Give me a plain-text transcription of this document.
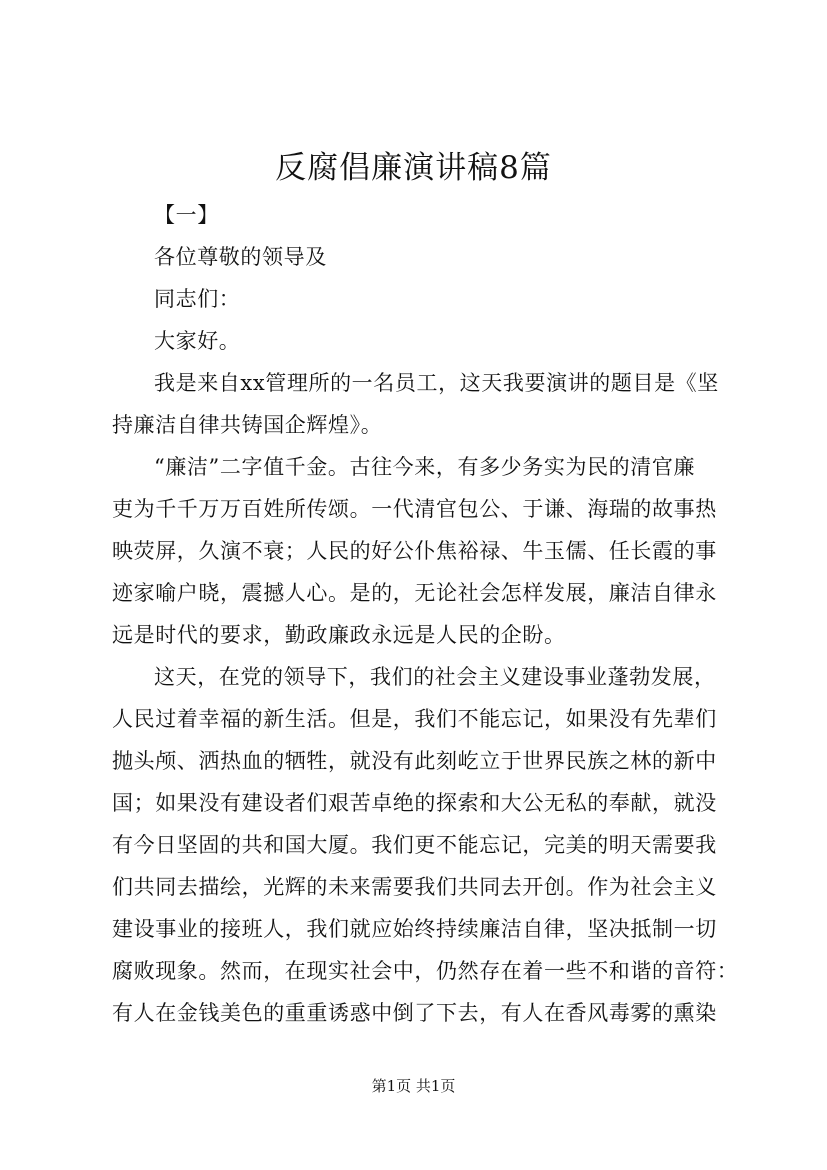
反腐倡廉演讲稿8篇
【一】
各位尊敬的领导及
同志们：
大家好。
我是来自xx管理所的一名员工，这天我要演讲的题目是《坚
持廉洁自律共铸国企辉煌》。
“廉洁”二字值千金。古往今来，有多少务实为民的清官廉
吏为千千万万百姓所传颂。一代清官包公、于谦、海瑞的故事热
映荧屏，久演不衰；人民的好公仆焦裕禄、牛玉儒、任长霞的事
迹家喻户晓，震撼人心。是的，无论社会怎样发展，廉洁自律永
远是时代的要求，勤政廉政永远是人民的企盼。
这天，在党的领导下，我们的社会主义建设事业蓬勃发展，
人民过着幸福的新生活。但是，我们不能忘记，如果没有先辈们
抛头颅、洒热血的牺牲，就没有此刻屹立于世界民族之林的新中
国；如果没有建设者们艰苦卓绝的探索和大公无私的奉献，就没
有今日坚固的共和国大厦。我们更不能忘记，完美的明天需要我
们共同去描绘，光辉的未来需要我们共同去开创。作为社会主义
建设事业的接班人，我们就应始终持续廉洁自律，坚决抵制一切
腐败现象。然而，在现实社会中，仍然存在着一些不和谐的音符：
有人在金钱美色的重重诱惑中倒了下去，有人在香风毒雾的熏染
第1页 共1页
